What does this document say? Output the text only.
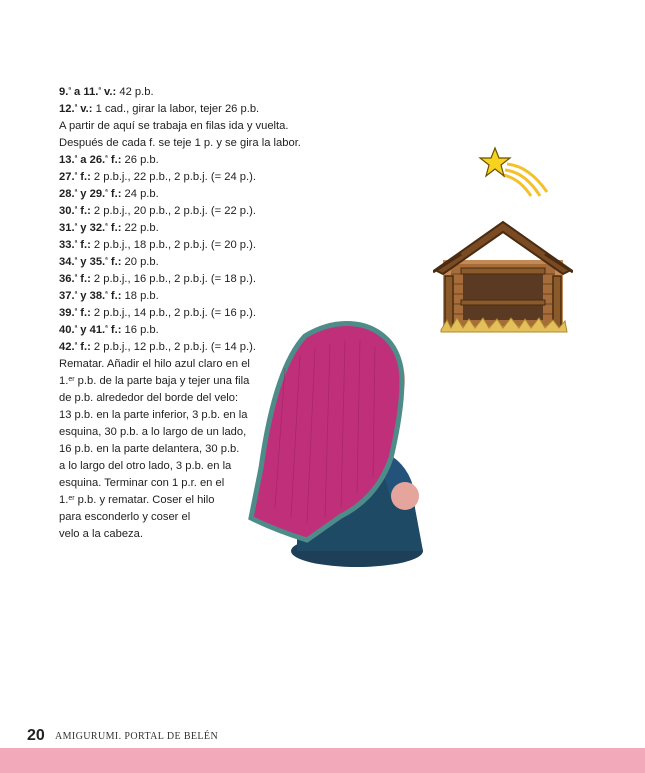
9.$^ª$ a 11.$^ª$ v.: 42 p.b.
12.$^ª$ v.: 1 cad., girar la labor, tejer 26 p.b.
A partir de aquí se trabaja en filas ida y vuelta.
Después de cada f. se teje 1 p. y se gira la labor.
13.$^ª$ a 26.$^ª$ f.: 26 p.b.
27.$^ª$ f.: 2 p.b.j., 22 p.b., 2 p.b.j. (= 24 p.).
28.$^ª$ y 29.$^ª$ f.: 24 p.b.
30.$^ª$ f.: 2 p.b.j., 20 p.b., 2 p.b.j. (= 22 p.).
31.$^ª$ y 32.$^ª$ f.: 22 p.b.
33.$^ª$ f.: 2 p.b.j., 18 p.b., 2 p.b.j. (= 20 p.).
34.$^ª$ y 35.$^ª$ f.: 20 p.b.
36.$^ª$ f.: 2 p.b.j., 16 p.b., 2 p.b.j. (= 18 p.).
37.$^ª$ y 38.$^ª$ f.: 18 p.b.
39.$^ª$ f.: 2 p.b.j., 14 p.b., 2 p.b.j. (= 16 p.).
40.$^ª$ y 41.$^ª$ f.: 16 p.b.
42.$^ª$ f.: 2 p.b.j., 12 p.b., 2 p.b.j. (= 14 p.).
Rematar. Añadir el hilo azul claro en el
1.$^{er}$ p.b. de la parte baja y tejer una fila
de p.b. alrededor del borde del velo:
13 p.b. en la parte inferior, 3 p.b. en la
esquina, 30 p.b. a lo largo de un lado,
16 p.b. en la parte delantera, 30 p.b.
a lo largo del otro lado, 3 p.b. en la
esquina. Terminar con 1 p.r. en el
1.$^{er}$ p.b. y rematar. Coser el hilo
para esconderlo y coser el
velo a la cabeza.
20 AMIGURUMI. PORTAL DE BELÉN
